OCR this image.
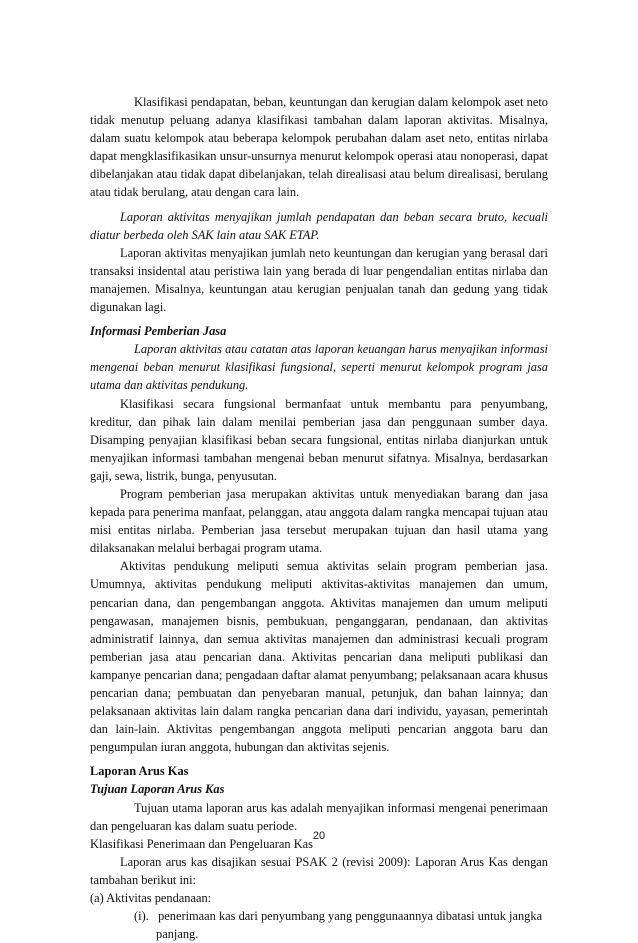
Klasifikasi pendapatan, beban, keuntungan dan kerugian dalam kelompok aset neto tidak menutup peluang adanya klasifikasi tambahan dalam laporan aktivitas. Misalnya, dalam suatu kelompok atau beberapa kelompok perubahan dalam aset neto, entitas nirlaba dapat mengklasifikasikan unsur-unsurnya menurut kelompok operasi atau nonoperasi, dapat dibelanjakan atau tidak dapat dibelanjakan, telah direalisasi atau belum direalisasi, berulang atau tidak berulang, atau dengan cara lain.

Laporan aktivitas menyajikan jumlah pendapatan dan beban secara bruto, kecuali diatur berbeda oleh SAK lain atau SAK ETAP.

Laporan aktivitas menyajikan jumlah neto keuntungan dan kerugian yang berasal dari transaksi insidental atau peristiwa lain yang berada di luar pengendalian entitas nirlaba dan manajemen. Misalnya, keuntungan atau kerugian penjualan tanah dan gedung yang tidak digunakan lagi.

Informasi Pemberian Jasa

Laporan aktivitas atau catatan atas laporan keuangan harus menyajikan informasi mengenai beban menurut klasifikasi fungsional, seperti menurut kelompok program jasa utama dan aktivitas pendukung.

Klasifikasi secara fungsional bermanfaat untuk membantu para penyumbang, kreditur, dan pihak lain dalam menilai pemberian jasa dan penggunaan sumber daya. Disamping penyajian klasifikasi beban secara fungsional, entitas nirlaba dianjurkan untuk menyajikan informasi tambahan mengenai beban menurut sifatnya. Misalnya, berdasarkan gaji, sewa, listrik, bunga, penyusutan.

Program pemberian jasa merupakan aktivitas untuk menyediakan barang dan jasa kepada para penerima manfaat, pelanggan, atau anggota dalam rangka mencapai tujuan atau misi entitas nirlaba. Pemberian jasa tersebut merupakan tujuan dan hasil utama yang dilaksanakan melalui berbagai program utama.

Aktivitas pendukung meliputi semua aktivitas selain program pemberian jasa. Umumnya, aktivitas pendukung meliputi aktivitas-aktivitas manajemen dan umum, pencarian dana, dan pengembangan anggota. Aktivitas manajemen dan umum meliputi pengawasan, manajemen bisnis, pembukuan, penganggaran, pendanaan, dan aktivitas administratif lainnya, dan semua aktivitas manajemen dan administrasi kecuali program pemberian jasa atau pencarian dana. Aktivitas pencarian dana meliputi publikasi dan kampanye pencarian dana; pengadaan daftar alamat penyumbang; pelaksanaan acara khusus pencarian dana; pembuatan dan penyebaran manual, petunjuk, dan bahan lainnya; dan pelaksanaan aktivitas lain dalam rangka pencarian dana dari individu, yayasan, pemerintah dan lain-lain. Aktivitas pengembangan anggota meliputi pencarian anggota baru dan pengumpulan iuran anggota, hubungan dan aktivitas sejenis.

Laporan Arus Kas
Tujuan Laporan Arus Kas

Tujuan utama laporan arus kas adalah menyajikan informasi mengenai penerimaan dan pengeluaran kas dalam suatu periode.

Klasifikasi Penerimaan dan Pengeluaran Kas

Laporan arus kas disajikan sesuai PSAK 2 (revisi 2009): Laporan Arus Kas dengan tambahan berikut ini:

(a) Aktivitas pendanaan:

(i).   penerimaan kas dari penyumbang yang penggunaannya dibatasi untuk jangka panjang.

20
